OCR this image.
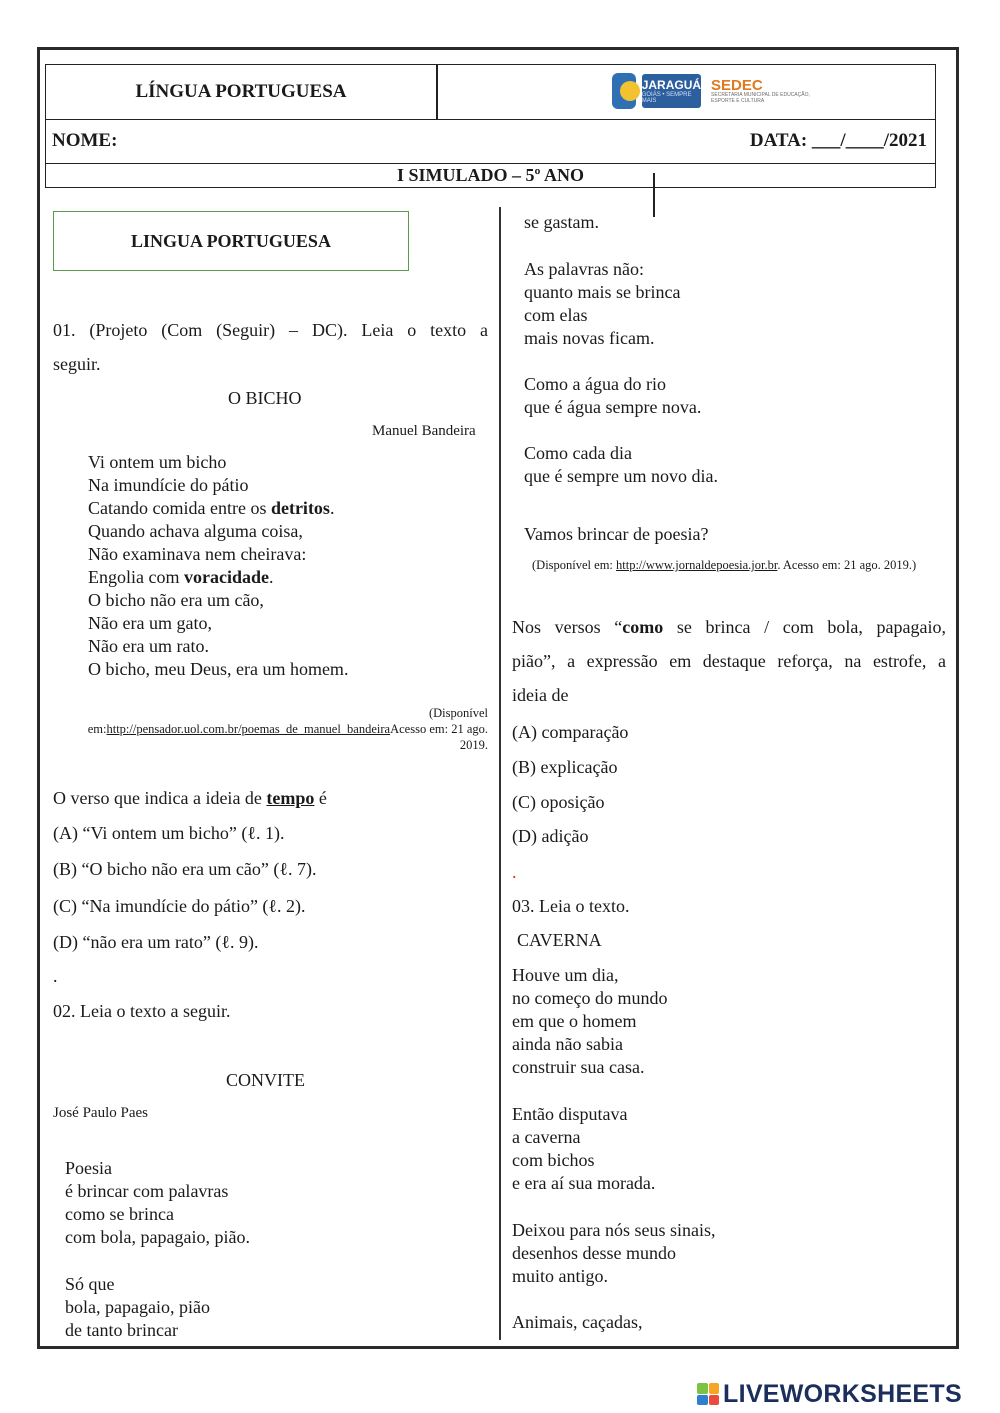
LÍNGUA PORTUGUESA	JARAGUÁ
GOIÁS • SEMPRE MAIS
SEDEC
SECRETARIA MUNICIPAL DE EDUCAÇÃO, ESPORTE E CULTURA
NOME:	DATA: ___/____/2021
I SIMULADO – 5º ANO
LINGUA PORTUGUESA
01. (Projeto (Com (Seguir) – DC). Leia o texto a
seguir.
O BICHO
Manuel Bandeira
Vi ontem um bicho
Na imundície do pátio
Catando comida entre os detritos.
Quando achava alguma coisa,
Não examinava nem cheirava:
Engolia com voracidade.
O bicho não era um cão,
Não era um gato,
Não era um rato.
O bicho, meu Deus, era um homem.
(Disponível
em:http://pensador.uol.com.br/poemas_de_manuel_bandeiraAcesso em: 21 ago.
2019.
O verso que indica a ideia de tempo é
(A) “Vi ontem um bicho” (ℓ. 1).
(B) “O bicho não era um cão” (ℓ. 7).
(C) “Na imundície do pátio” (ℓ. 2).
(D) “não era um rato” (ℓ. 9).
.
02. Leia o texto a seguir.
CONVITE
José Paulo Paes
Poesia
é brincar com palavras
como se brinca
com bola, papagaio, pião.
Só que
bola, papagaio, pião
de tanto brincar
se gastam.
As palavras não:
quanto mais se brinca
com elas
mais novas ficam.
Como a água do rio
que é água sempre nova.
Como cada dia
que é sempre um novo dia.
Vamos brincar de poesia?
(Disponível em: http://www.jornaldepoesia.jor.br. Acesso em: 21 ago. 2019.)
Nos versos “como se brinca / com bola, papagaio,
pião”, a expressão em destaque reforça, na estrofe, a
ideia de
(A) comparação
(B) explicação
(C) oposição
(D) adição
.
03. Leia o texto.
CAVERNA
Houve um dia,
no começo do mundo
em que o homem
ainda não sabia
construir sua casa.
Então disputava
a caverna
com bichos
e era aí sua morada.
Deixou para nós seus sinais,
desenhos desse mundo
muito antigo.
Animais, caçadas,
LIVEWORKSHEETS
